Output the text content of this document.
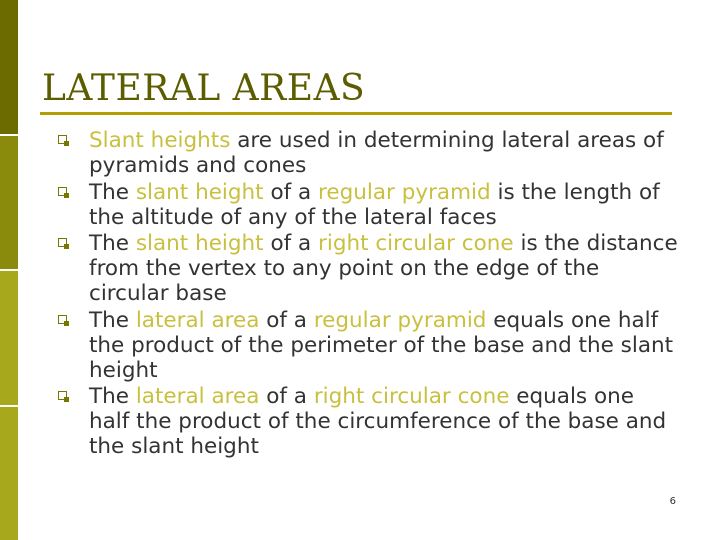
LATERAL AREAS
Slant heights are used in determining lateral areas of pyramids and cones
The slant height of a regular pyramid is the length of the altitude of any of the lateral faces
The slant height of a right circular cone is the distance from the vertex to any point on the edge of the circular base
The lateral area of a regular pyramid equals one half the product of the perimeter of the base and the slant height
The lateral area of a right circular cone equals one half the product of the circumference of the base and the slant height
6
